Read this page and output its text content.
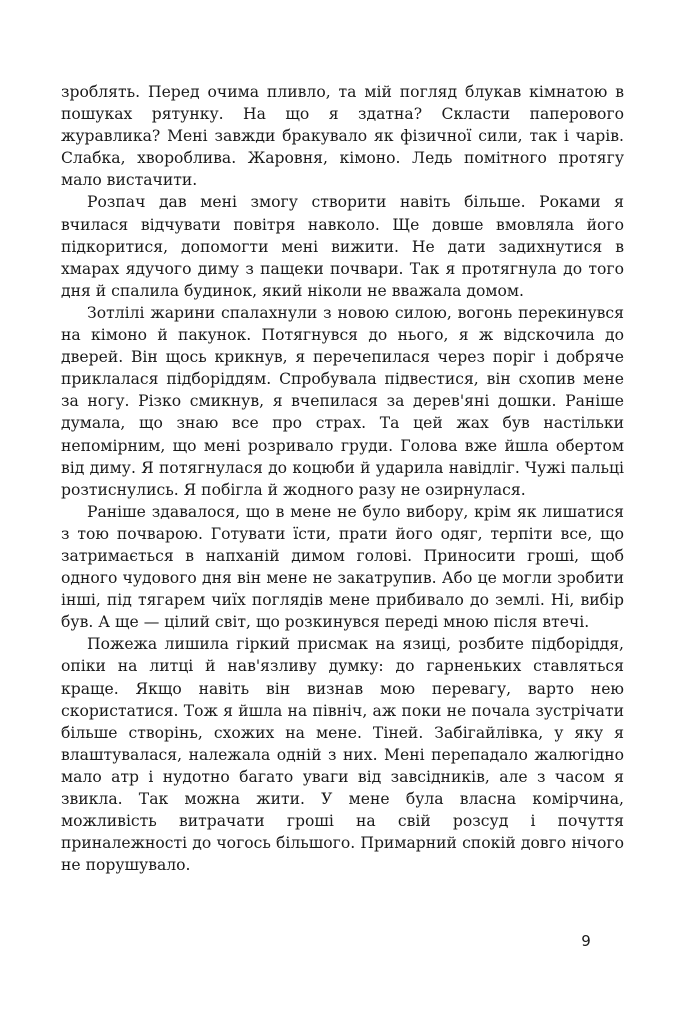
зроблять. Перед очима пливло, та мій погляд блукав кімнатою в пошуках рятунку. На що я здатна? Скласти паперового журавлика? Мені завжди бракувало як фізичної сили, так і чарів. Слабка, хвороблива. Жаровня, кімоно. Ледь помітного протягу мало вистачити.

Розпач дав мені змогу створити навіть більше. Роками я вчилася відчувати повітря навколо. Ще довше вмовляла його підкоритися, допомогти мені вижити. Не дати задихнутися в хмарах ядучого диму з пащеки почвари. Так я протягнула до того дня й спалила будинок, який ніколи не вважала домом.

Зотлілі жарини спалахнули з новою силою, вогонь перекинувся на кімоно й пакунок. Потягнувся до нього, я ж відскочила до дверей. Він щось крикнув, я перечепилася через поріг і добряче приклалася підборіддям. Спробувала підвестися, він схопив мене за ногу. Різко смикнув, я вчепилася за дерев'яні дошки. Раніше думала, що знаю все про страх. Та цей жах був настільки непомірним, що мені розривало груди. Голова вже йшла обертом від диму. Я потягнулася до коцюби й ударила навідліг. Чужі пальці розтиснулись. Я побігла й жодного разу не озирнулася.

Раніше здавалося, що в мене не було вибору, крім як лишатися з тою почварою. Готувати їсти, прати його одяг, терпіти все, що затримається в напханій димом голові. Приносити гроші, щоб одного чудового дня він мене не закатрупив. Або це могли зробити інші, під тягарем чиїх поглядів мене прибивало до землі. Ні, вибір був. А ще — цілий світ, що розкинувся переді мною після втечі.

Пожежа лишила гіркий присмак на язиці, розбите підборіддя, опіки на литці й нав'язливу думку: до гарненьких ставляться краще. Якщо навіть він визнав мою перевагу, варто нею скористатися. Тож я йшла на північ, аж поки не почала зустрічати більше створінь, схожих на мене. Тіней. Забігайлівка, у яку я влаштувалася, належала одній з них. Мені перепадало жалюгідно мало атр і нудотно багато уваги від завсідників, але з часом я звикла. Так можна жити. У мене була власна комірчина, можливість витрачати гроші на свій розсуд і почуття приналежності до чогось більшого. Примарний спокій довго нічого не порушувало.

9
